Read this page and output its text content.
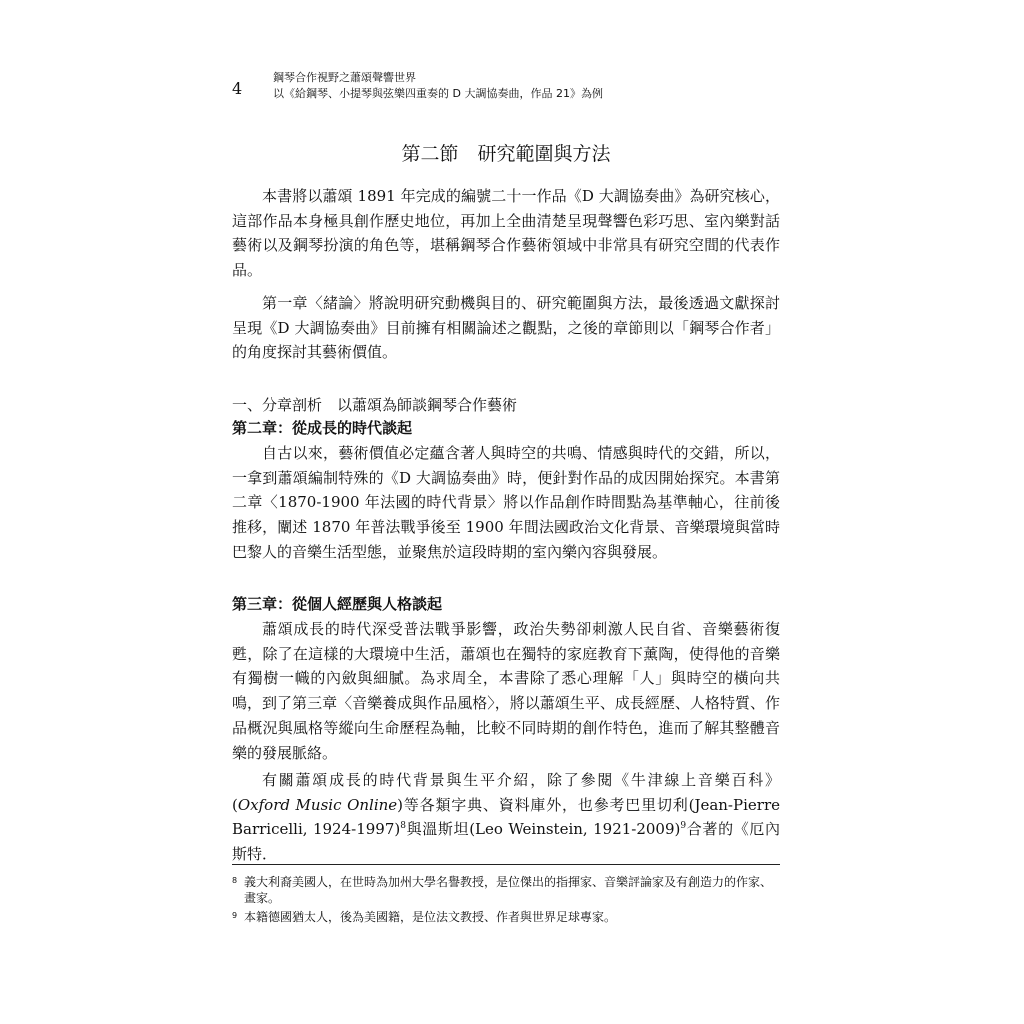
4
鋼琴合作視野之蕭頌聲響世界
以《給鋼琴、小提琴與弦樂四重奏的 D 大調協奏曲，作品 21》為例
第二節　研究範圍與方法

本書將以蕭頌 1891 年完成的編號二十一作品《D 大調協奏曲》為研究核心，這部作品本身極具創作歷史地位，再加上全曲清楚呈現聲響色彩巧思、室內樂對話藝術以及鋼琴扮演的角色等，堪稱鋼琴合作藝術領域中非常具有研究空間的代表作品。

第一章〈緒論〉將說明研究動機與目的、研究範圍與方法，最後透過文獻探討呈現《D 大調協奏曲》目前擁有相關論述之觀點，之後的章節則以「鋼琴合作者」的角度探討其藝術價值。

一、分章剖析　以蕭頌為師談鋼琴合作藝術
第二章：從成長的時代談起

自古以來，藝術價值必定蘊含著人與時空的共鳴、情感與時代的交錯，所以，一拿到蕭頌編制特殊的《D 大調協奏曲》時，便針對作品的成因開始探究。本書第二章〈1870-1900 年法國的時代背景〉將以作品創作時間點為基準軸心，往前後推移，闡述 1870 年普法戰爭後至 1900 年間法國政治文化背景、音樂環境與當時巴黎人的音樂生活型態，並聚焦於這段時期的室內樂內容與發展。

第三章：從個人經歷與人格談起

蕭頌成長的時代深受普法戰爭影響，政治失勢卻刺激人民自省、音樂藝術復甦，除了在這樣的大環境中生活，蕭頌也在獨特的家庭教育下薰陶，使得他的音樂有獨樹一幟的內斂與細膩。為求周全，本書除了悉心理解「人」與時空的橫向共鳴，到了第三章〈音樂養成與作品風格〉，將以蕭頌生平、成長經歷、人格特質、作品概況與風格等縱向生命歷程為軸，比較不同時期的創作特色，進而了解其整體音樂的發展脈絡。

有關蕭頌成長的時代背景與生平介紹，除了參閱《牛津線上音樂百科》(Oxford Music Online)等各類字典、資料庫外，也參考巴里切利(Jean-Pierre Barricelli, 1924-1997)$^8$與溫斯坦(Leo Weinstein, 1921-2009)$^9$合著的《厄內斯特．

8 義大利裔美國人，在世時為加州大學名譽教授，是位傑出的指揮家、音樂評論家及有創造力的作家、畫家。

9 本籍德國猶太人，後為美國籍，是位法文教授、作者與世界足球專家。
